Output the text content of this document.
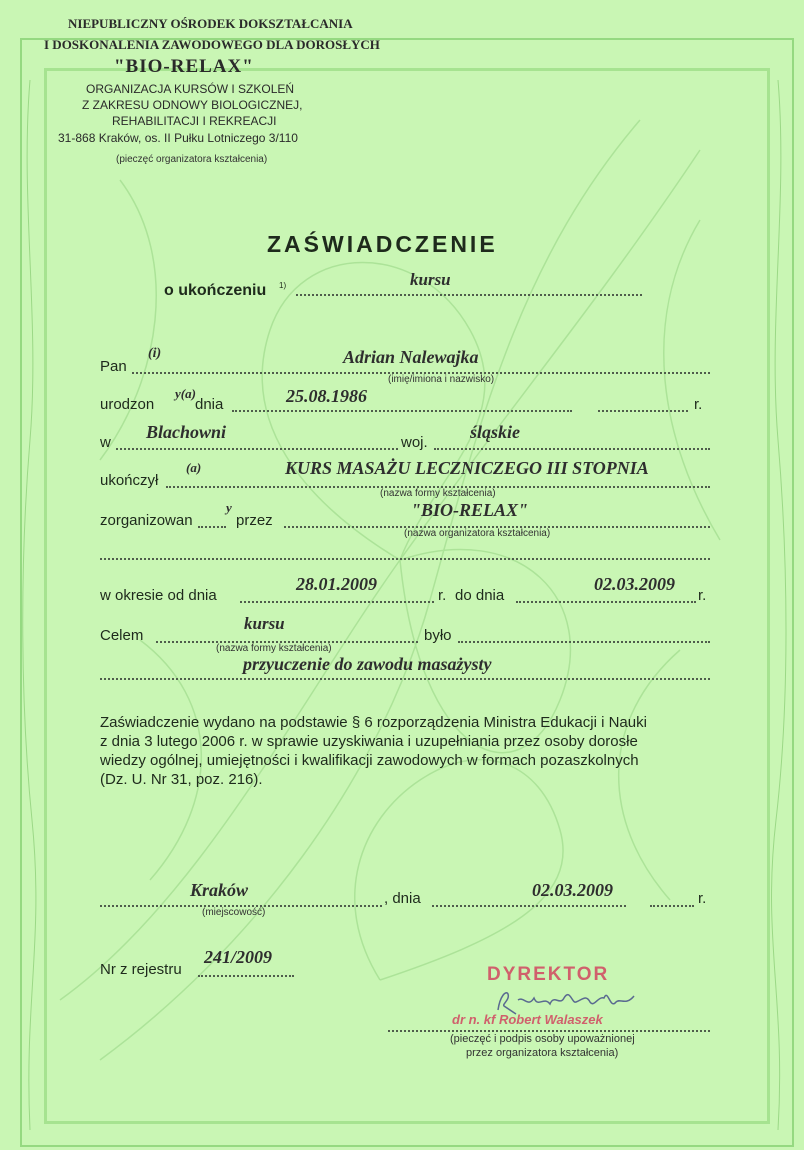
NIEPUBLICZNY OŚRODEK DOKSZTAŁCANIA
I DOSKONALENIA ZAWODOWEGO DLA DOROSŁYCH
"BIO-RELAX"
ORGANIZACJA KURSÓW I SZKOLEŃ
Z ZAKRESU ODNOWY BIOLOGICZNEJ,
REHABILITACJI I REKREACJI
31-868 Kraków, os. II Pułku Lotniczego 3/110
(pieczęć organizatora kształcenia)
ZAŚWIADCZENIE
o ukończeniu 1)	kursu
Pan
(i)	Adrian Nalewajka
(imię/imiona i nazwisko)
urodzon
y(a)
dnia	25.08.1986	r.
w
Blachowni
woj.
śląskie
ukończył
(a)	KURS MASAŻU LECZNICZEGO III STOPNIA
(nazwa formy kształcenia)
zorganizowan
y
przez
"BIO-RELAX"
(nazwa organizatora kształcenia)
w okresie od dnia
28.01.2009
r. do dnia
02.03.2009
r.
Celem
kursu
(nazwa formy kształcenia)
było
przyuczenie do zawodu masażysty
Zaświadczenie wydano na podstawie § 6 rozporządzenia Ministra Edukacji i Nauki
z dnia 3 lutego 2006 r. w sprawie uzyskiwania i uzupełniania przez osoby dorosłe
wiedzy ogólnej, umiejętności i kwalifikacji zawodowych w formach pozaszkolnych
(Dz. U. Nr 31, poz. 216).
Kraków
(miejscowość)
, dnia	02.03.2009	r.
Nr z rejestru
241/2009
DYREKTOR
dr n. kf Robert Walaszek
(pieczęć i podpis osoby upoważnionej
przez organizatora kształcenia)
